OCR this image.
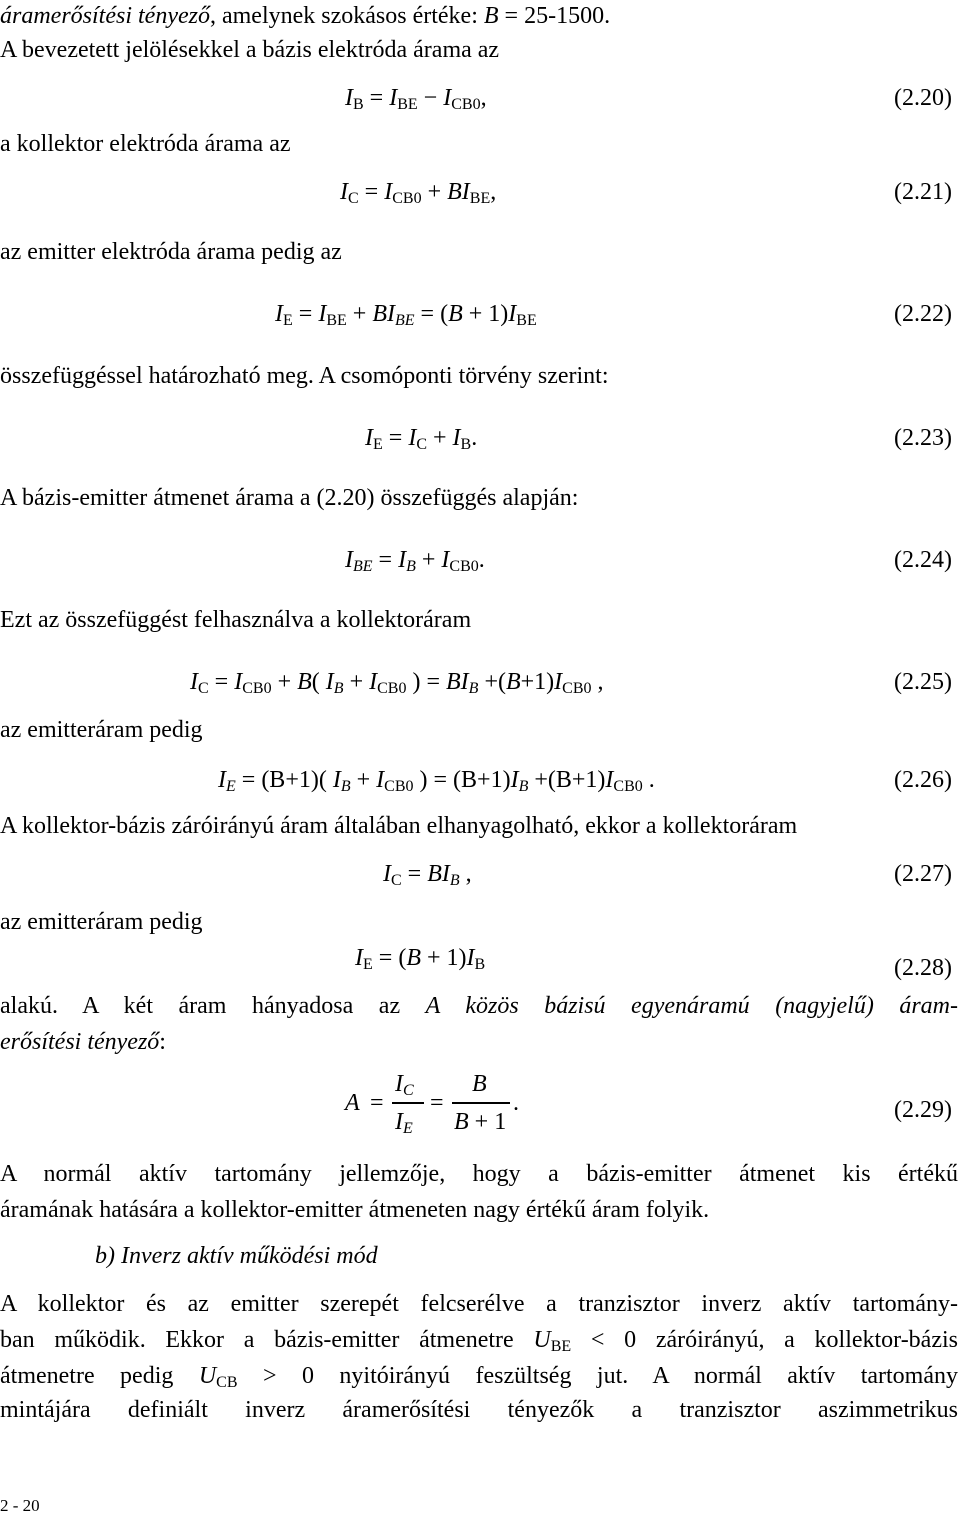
áramerősítési tényező, amelynek szokásos értéke: B = 25-1500.
A bevezetett jelölésekkel a bázis elektróda árama az
$I_B = I_{BE} - I_{CB0}$,	(2.20)
a kollektor elektróda árama az
$I_C = I_{CB0} + BI_{BE}$,	(2.21)
az emitter elektróda árama pedig az
$I_E = I_{BE} + BI_{BE} = (B + 1)I_{BE}$	(2.22)
összefüggéssel határozható meg. A csomóponti törvény szerint:
$I_E = I_C + I_B$.	(2.23)
A bázis-emitter átmenet árama a (2.20) összefüggés alapján:
$I_{BE} = I_B + I_{CB0}$.	(2.24)
Ezt az összefüggést felhasználva a kollektoráram
$I_C = I_{CB0} + B$( $I_B + I_{CB0}$ ) = $BI_B +(B+1)I_{CB0}$ ,	(2.25)
az emitteráram pedig
$I_E = (B+1)$( $I_B + I_{CB0}$ ) = $(B+1)I_B +(B+1)I_{CB0}$ .	(2.26)
A kollektor-bázis záróirányú áram általában elhanyagolható, ekkor a kollektoráram
$I_C = BI_B$ ,	(2.27)
az emitteráram pedig
$I_E = (B + 1)I_B$	(2.28)
alakú. A két áram hányadosa az A közös bázisú egyenáramú (nagyjelű) áram-
erősítési tényező:
A =
$I_C$
$I_E$
=
B
B + 1
.	(2.29)
A normál aktív tartomány jellemzője, hogy a bázis-emitter átmenet kis értékű
áramának hatására a kollektor-emitter átmeneten nagy értékű áram folyik.
b) Inverz aktív működési mód
A kollektor és az emitter szerepét felcserélve a tranzisztor inverz aktív tartomány-
ban működik. Ekkor a bázis-emitter átmenetre $U_{BE} < 0$ záróirányú, a kollektor-bázis
átmenetre pedig $U_{CB} > 0$ nyitóirányú feszültség jut. A normál aktív tartomány
mintájára definiált inverz áramerősítési tényezők a tranzisztor aszimmetrikus
2 - 20
